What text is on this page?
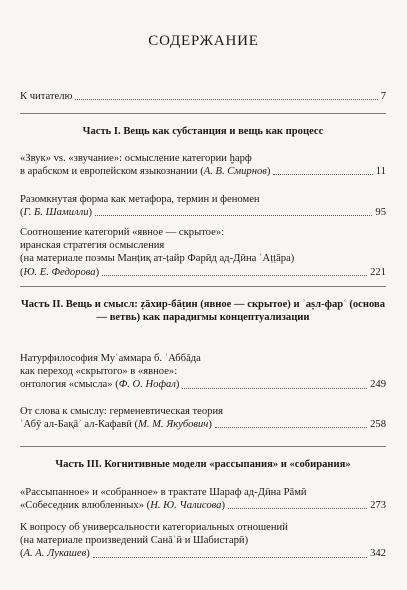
СОДЕРЖАНИЕ
К читателю	7
Часть I. Вещь как субстанция и вещь как процесс
«Звук» vs. «звучание»: осмысление категории ḫарф
в арабском и европейском языкознании (А. В. Смирнов)	11
Разомкнутая форма как метафора, термин и феномен
(Г. Б. Шамилли)	95
Соотношение категорий «явное — скрытое»:
иранская стратегия осмысления
(на материале поэмы Манṭиқ ат-ṭайр Фарӣд ад-Дӣна ʿАṭṭāра)
(Ю. Е. Федорова)	221
Часть II. Вещь и смысл: ẓāхир-бāṭин (явное — скрытое) и ʾаṣл-фарʿ (основа — ветвь) как парадигмы концептуализации
Натурфилософия Муʿаммара б. ʿАббāда
как переход «скрытого» в «явное»:
онтология «смысла» (Ф. О. Нофал)	249
От слова к смыслу: герменевтическая теория
ʾАбӯ ал-Бақāʾ ал-Кафавӣ (М. М. Якубович)	258
Часть III. Когнитивные модели «рассыпания» и «собирания»
«Рассыпанное» и «собранное» в трактате Шараф ад-Дӣна Рāмӣ
«Собеседник влюбленных» (Н. Ю. Чалисова)	273
К вопросу об универсальности категориальных отношений
(на материале произведений Санāʾӣ и Шабистарӣ)
(А. А. Лукашев)	342
